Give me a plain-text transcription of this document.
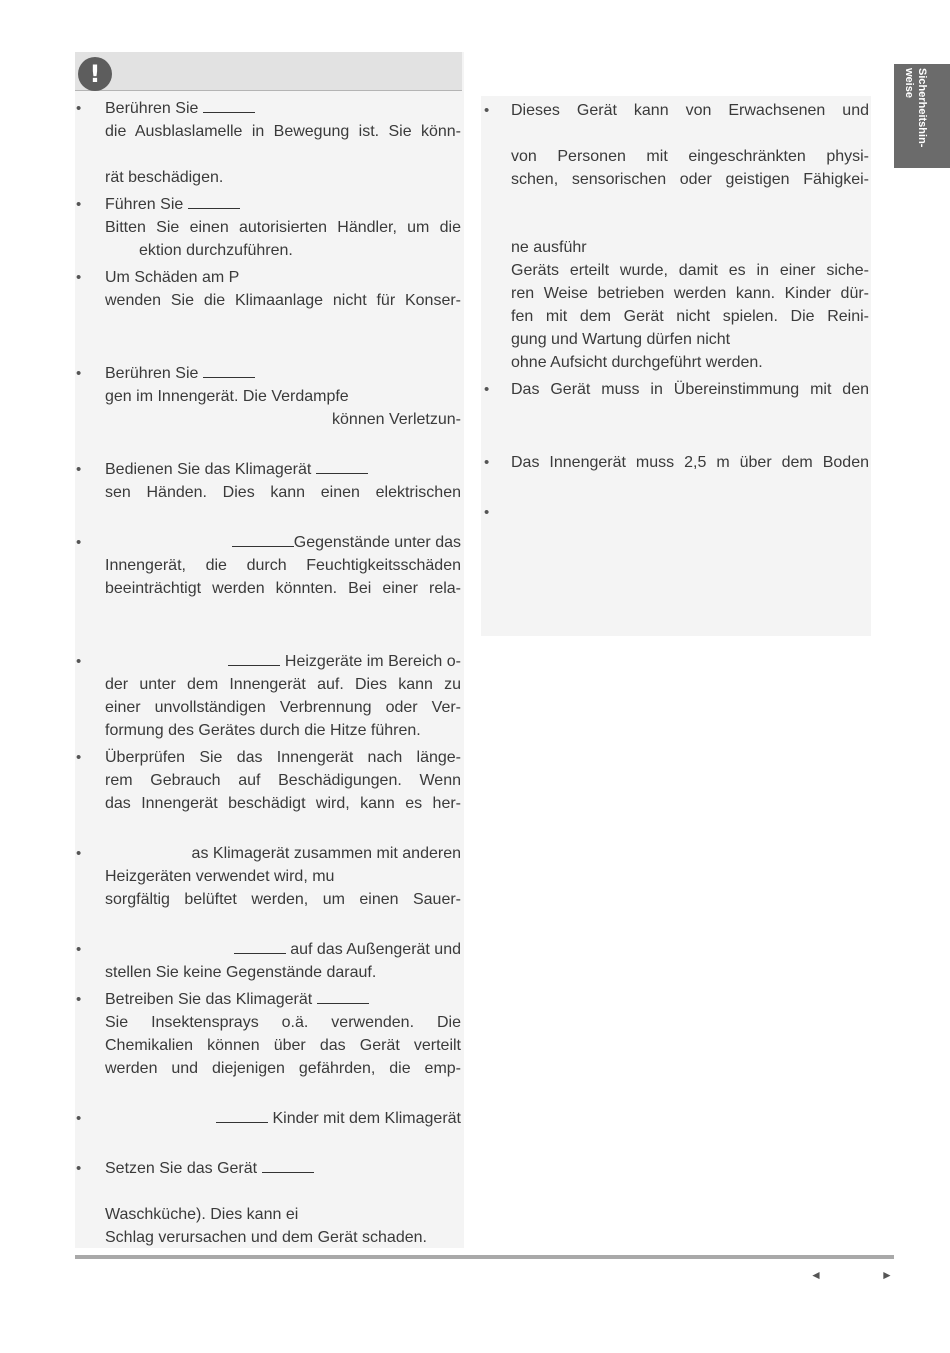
Sicherheitshin-weise
!
• Berühren Sie
die Ausblaslamelle in Bewegung ist. Sie könn-
rät beschädigen.
• Führen Sie
Bitten Sie einen autorisierten Händler, um die
ektion durchzuführen.
• Um Schäden am P
wenden Sie die Klimaanlage nicht für Konser-
• Berühren Sie
gen im Innengerät. Die Verdampfe
können Verletzun-
• Bedienen Sie das Klimagerät
sen Händen. Dies kann einen elektrischen
•	Gegenstände unter das
Innengerät, die durch Feuchtigkeitsschäden
beeinträchtigt werden könnten. Bei einer rela-
•	Heizgeräte im Bereich o-
der unter dem Innengerät auf. Dies kann zu
einer unvollständigen Verbrennung oder Ver-
formung des Gerätes durch die Hitze führen.
• Überprüfen Sie das Innengerät nach länge-
rem Gebrauch auf Beschädigungen. Wenn
das Innengerät beschädigt wird, kann es her-
•	as Klimagerät zusammen mit anderen
Heizgeräten verwendet wird, mu
sorgfältig belüftet werden, um einen Sauer-
•	auf das Außengerät und
stellen Sie keine Gegenstände darauf.
• Betreiben Sie das Klimagerät
Sie Insektensprays o.ä. verwenden. Die
Chemikalien können über das Gerät verteilt
werden und diejenigen gefährden, die emp-
•	Kinder mit dem Klimagerät
• Setzen Sie das Gerät
Waschküche). Dies kann ei
Schlag verursachen und dem Gerät schaden.
• Dieses Gerät kann von Erwachsenen und
von Personen mit eingeschränkten physi-
schen, sensorischen oder geistigen Fähigkei-
ne ausführ
Geräts erteilt wurde, damit es in einer siche-
ren Weise betrieben werden kann. Kinder dür-
fen mit dem Gerät nicht spielen. Die Reini-
gung und Wartung dürfen nicht
ohne Aufsicht durchgeführt werden.
• Das Gerät muss in Übereinstimmung mit den
• Das Innengerät muss 2,5 m über dem Boden
•
◄	►
